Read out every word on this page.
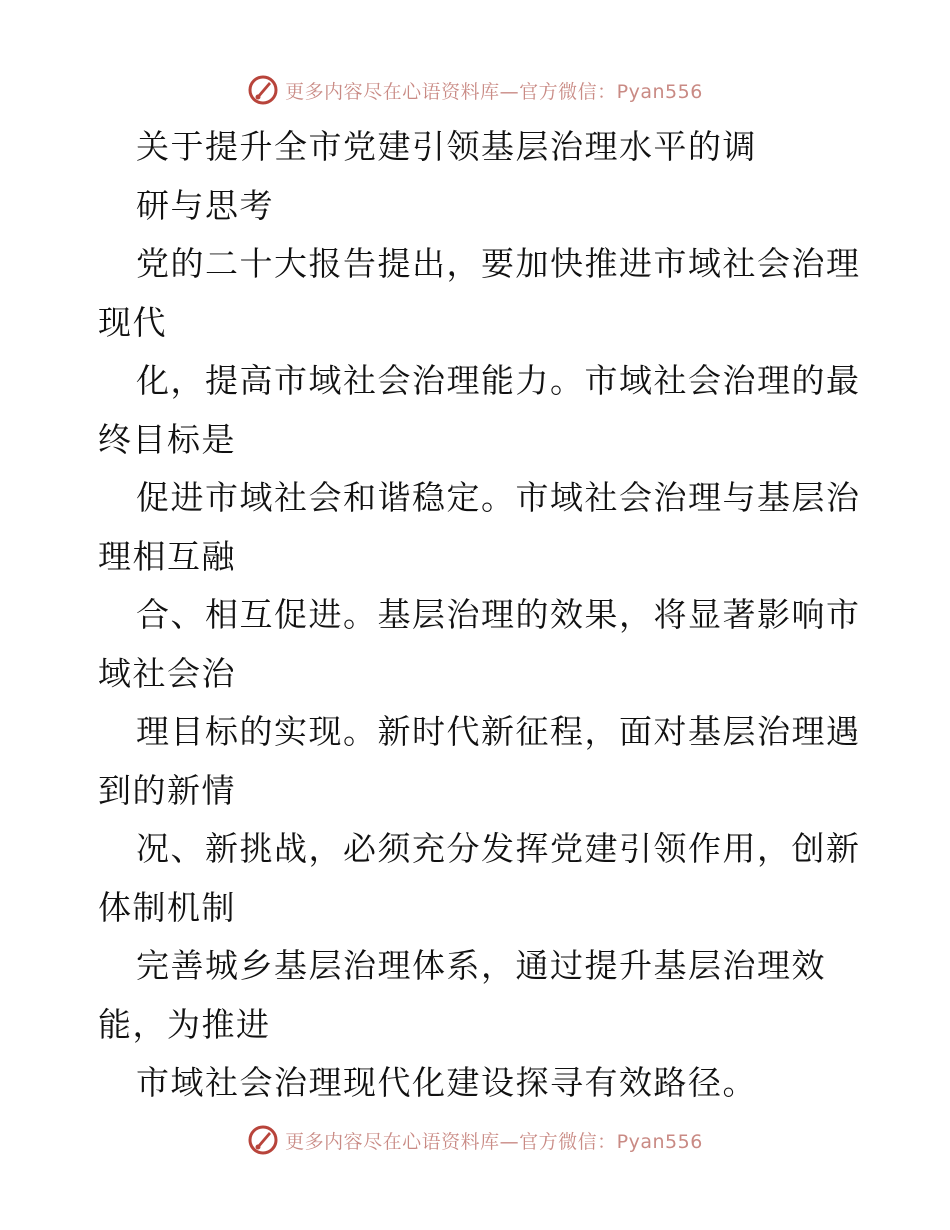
更多内容尽在心语资料库—官方微信：Pyan556
关于提升全市党建引领基层治理水平的调
研与思考
党的二十大报告提出，要加快推进市域社会治理
现代
化，提高市域社会治理能力。市域社会治理的最
终目标是
促进市域社会和谐稳定。市域社会治理与基层治
理相互融
合、相互促进。基层治理的效果，将显著影响市
域社会治
理目标的实现。新时代新征程，面对基层治理遇
到的新情
况、新挑战，必须充分发挥党建引领作用，创新
体制机制
完善城乡基层治理体系，通过提升基层治理效
能，为推进
市域社会治理现代化建设探寻有效路径。
更多内容尽在心语资料库—官方微信：Pyan556
